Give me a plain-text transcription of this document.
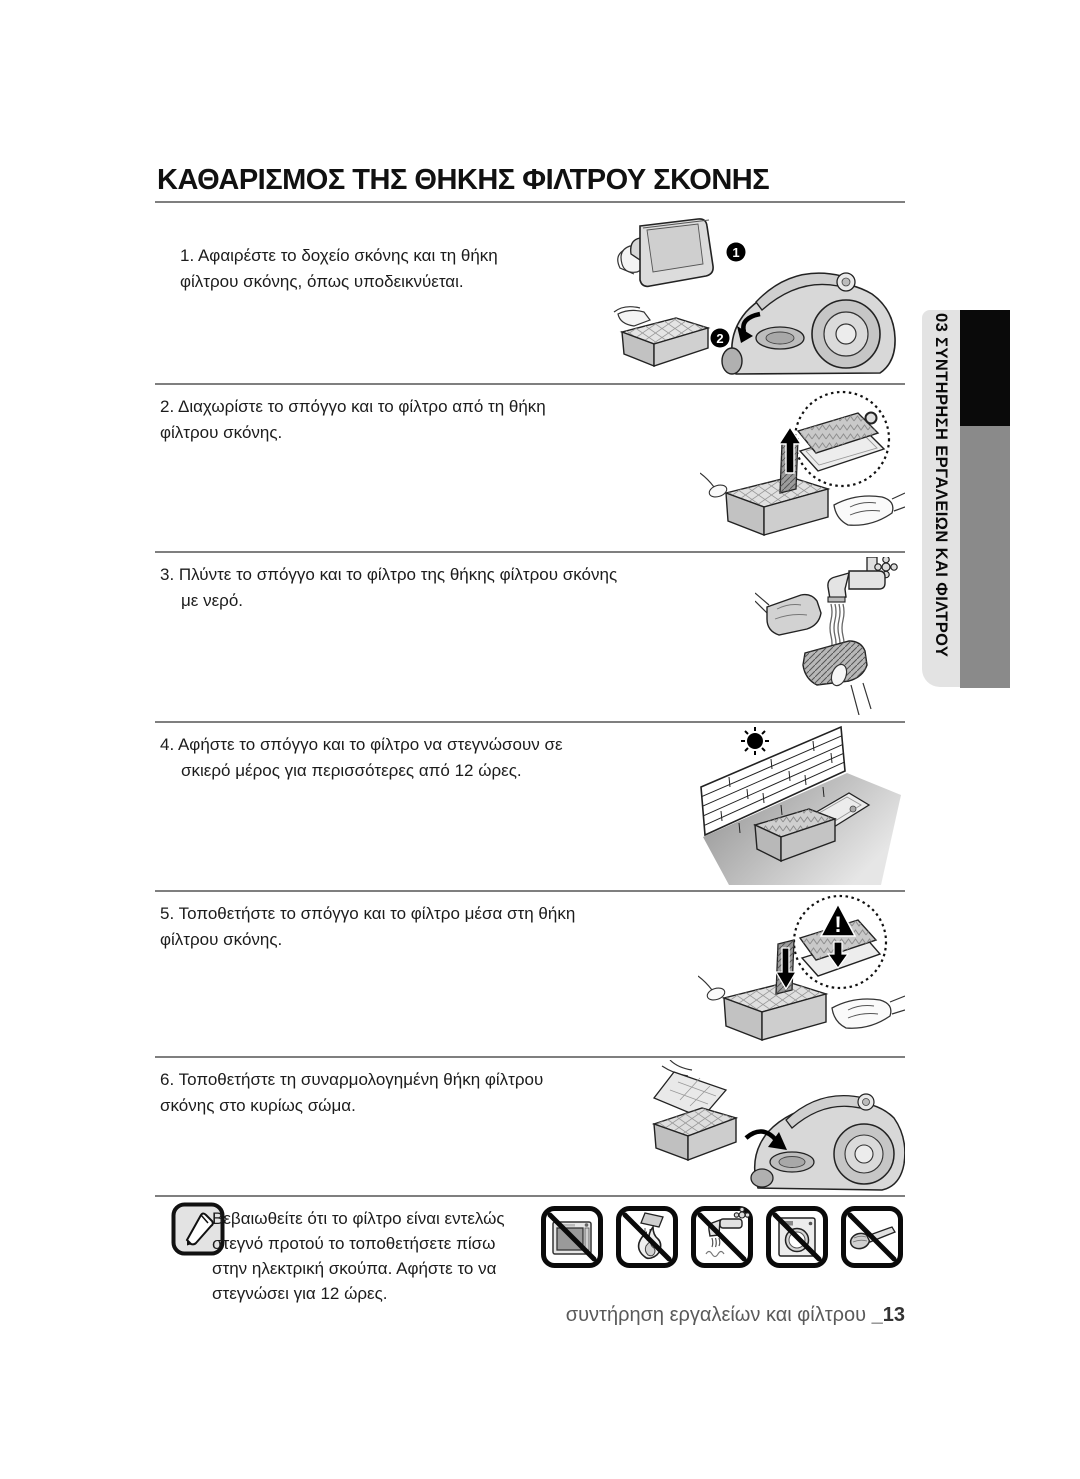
ΚΑΘΑΡΙΣΜΟΣ ΤΗΣ ΘΗΚΗΣ ΦΙΛΤΡΟΥ ΣΚΟΝΗΣ
1. Αφαιρέστε το δοχείο σκόνης και τη θήκη
φίλτρου σκόνης, όπως υποδεικνύεται.
1
2
2. Διαχωρίστε το σπόγγο και το φίλτρο από τη θήκη
φίλτρου σκόνης.
3. Πλύντε το σπόγγο και το φίλτρο της θήκης φίλτρου σκόνης
με νερό.
4. Αφήστε το σπόγγο και το φίλτρο να στεγνώσουν σε
σκιερό μέρος για περισσότερες από 12 ώρες.
5. Τοποθετήστε το σπόγγο και το φίλτρο μέσα στη θήκη
φίλτρου σκόνης.
!
6. Τοποθετήστε τη συναρμολογημένη θήκη φίλτρου
σκόνης στο κυρίως σώμα.
Βεβαιωθείτε ότι το φίλτρο είναι εντελώς
στεγνό προτού το τοποθετήσετε πίσω
στην ηλεκτρική σκούπα. Αφήστε το να
στεγνώσει για 12 ώρες.
συντήρηση εργαλείων και φίλτρου _13
03 ΣΥΝΤΗΡΗΣΗ ΕΡΓΑΛΕΙΩΝ ΚΑΙ ΦΙΛΤΡΟΥ
